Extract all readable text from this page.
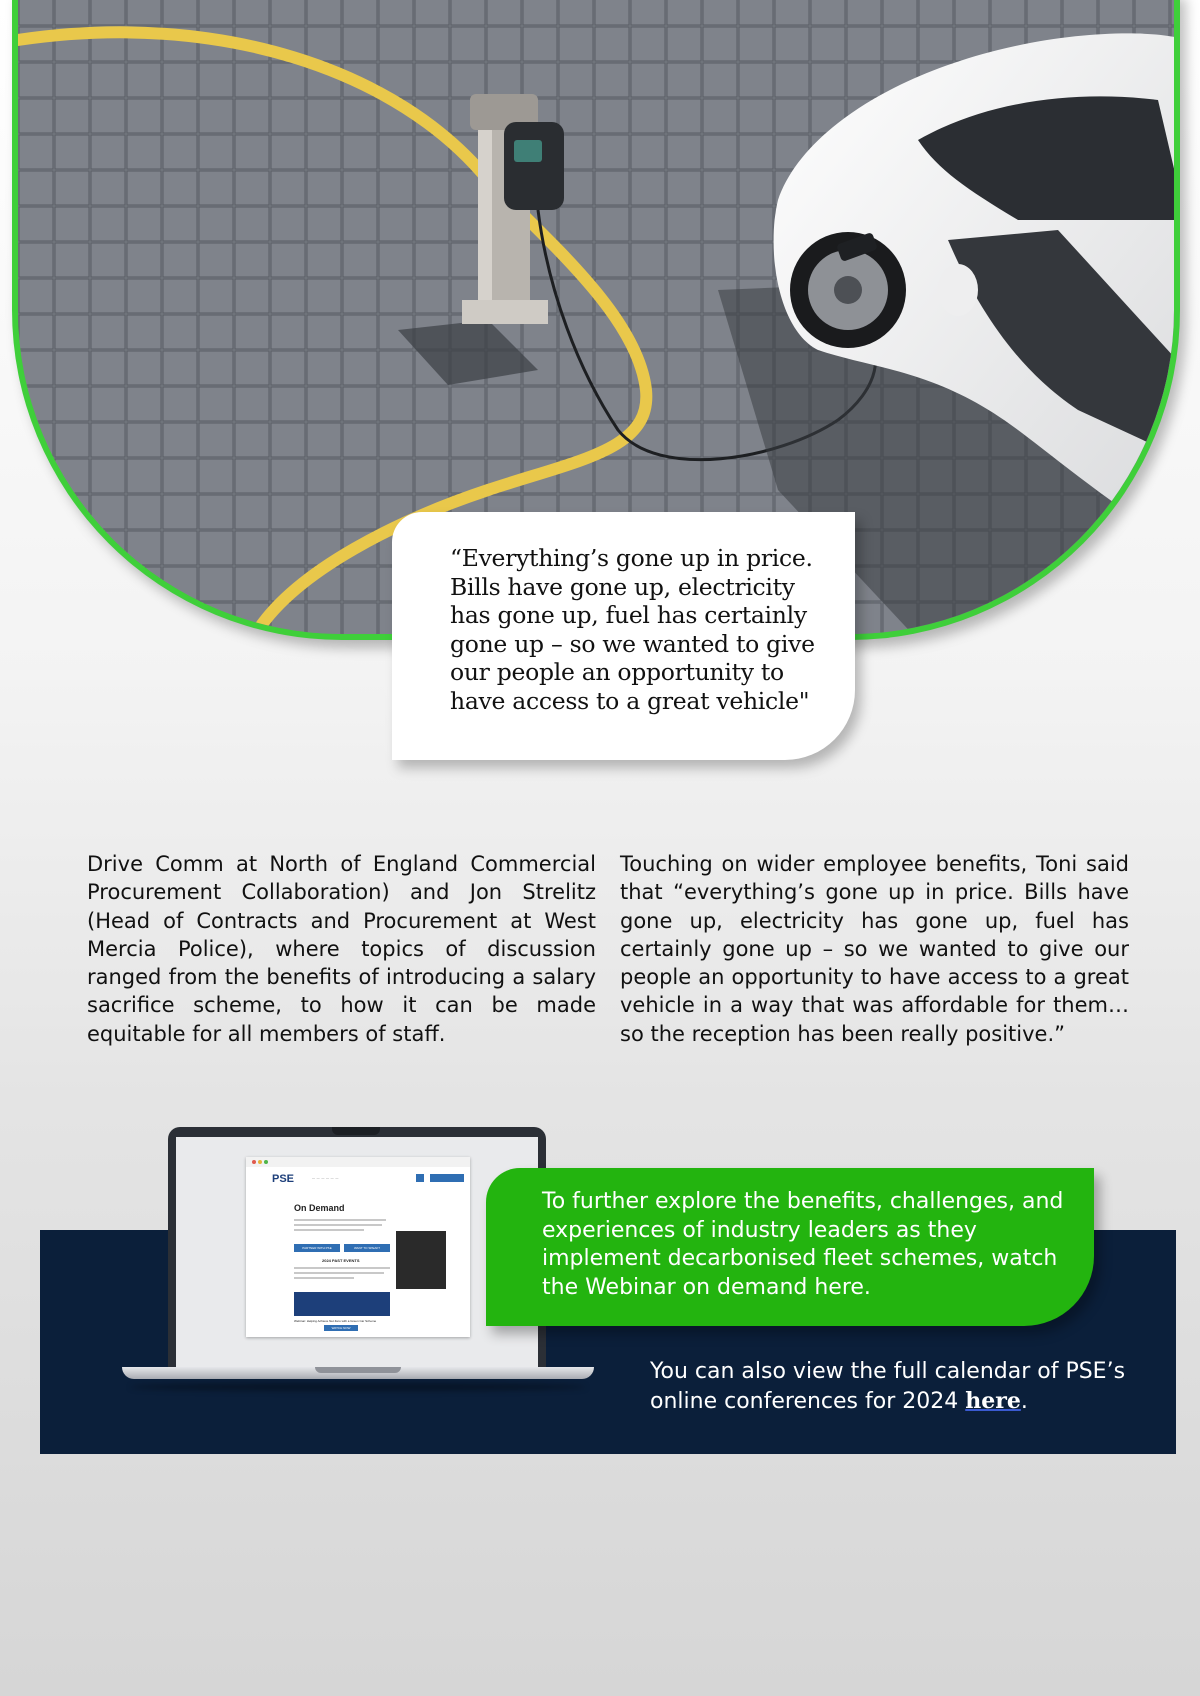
“Everything’s gone up in price. Bills have gone up, electricity has gone up, fuel has certainly gone up – so we wanted to give our people an opportunity to have access to a great vehicle"

Drive Comm at North of England Commercial Procurement Collaboration) and Jon Strelitz (Head of Contracts and Procurement at West Mercia Police), where topics of discussion ranged from the benefits of introducing a salary sacrifice scheme, to how it can be made equitable for all members of staff.

Touching on wider employee benefits, Toni said that “everything’s gone up in price. Bills have gone up, electricity has gone up, fuel has certainly gone up – so we wanted to give our people an opportunity to have access to a great vehicle in a way that was affordable for them… so the reception has been really positive.”

PSE	—  —  —  —  —  —
On Demand
PARTNER WITH PSE	WANT TO SPEAK?
2024 PAST EVENTS
Webinar: Helping Achieve Net Zero with a Green Car Scheme
WATCH NOW

To further explore the benefits, challenges, and experiences of industry leaders as they implement decarbonised fleet schemes, watch the Webinar on demand here.

You can also view the full calendar of PSE’s online conferences for 2024 here.
